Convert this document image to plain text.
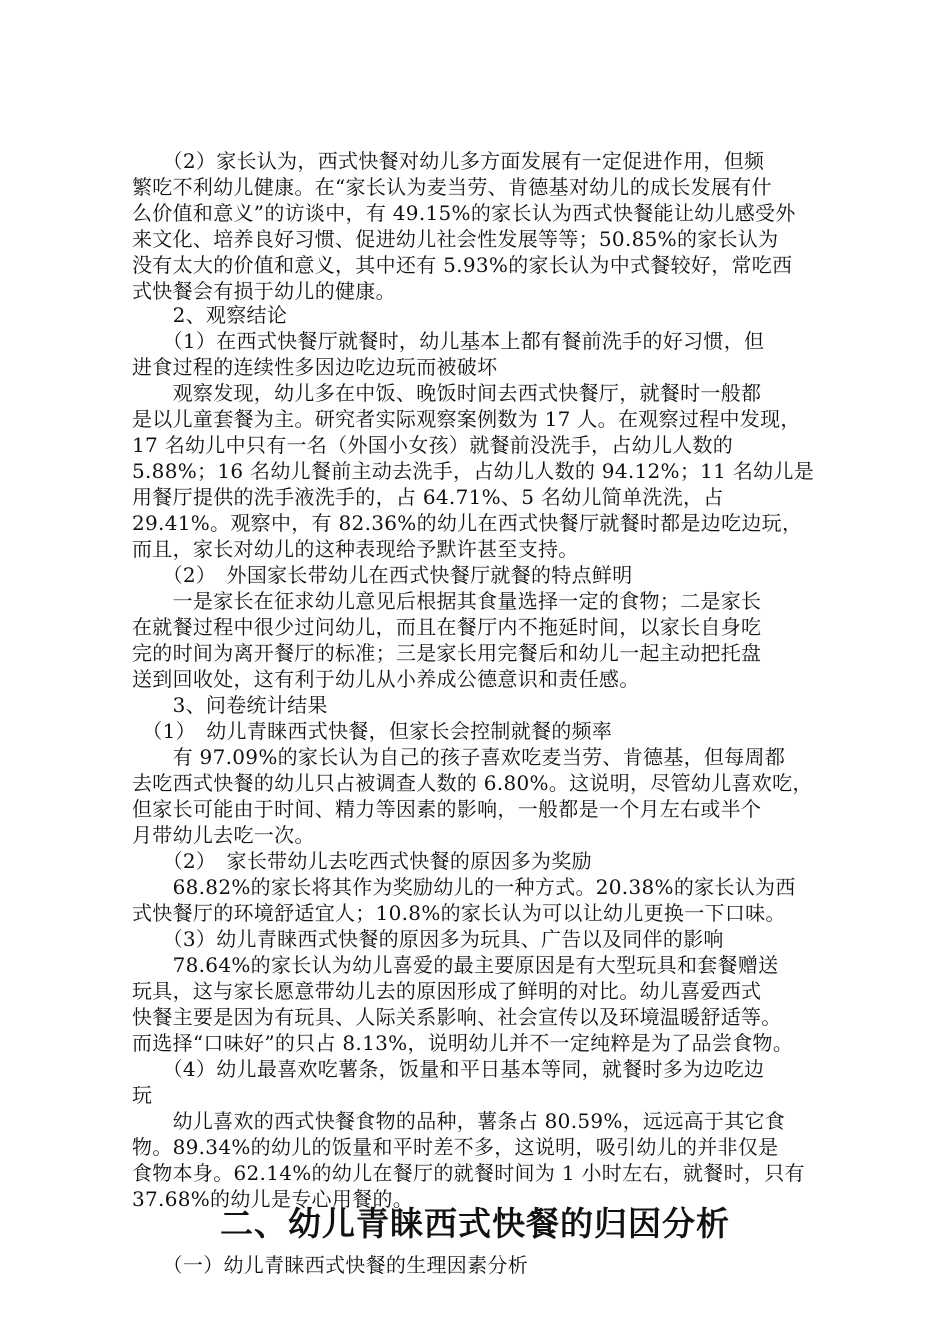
　　（2）家长认为，西式快餐对幼儿多方面发展有一定促进作用，但频

繁吃不利幼儿健康。在“家长认为麦当劳、肯德基对幼儿的成长发展有什

么价值和意义”的访谈中，有 49.15%的家长认为西式快餐能让幼儿感受外

来文化、培养良好习惯、促进幼儿社会性发展等等；50.85%的家长认为

没有太大的价值和意义，其中还有 5.93%的家长认为中式餐较好，常吃西

式快餐会有损于幼儿的健康。

　　2、观察结论

　　（1）在西式快餐厅就餐时，幼儿基本上都有餐前洗手的好习惯，但

进食过程的连续性多因边吃边玩而被破坏

　　观察发现，幼儿多在中饭、晚饭时间去西式快餐厅，就餐时一般都

是以儿童套餐为主。研究者实际观察案例数为 17 人。在观察过程中发现，

17 名幼儿中只有一名（外国小女孩）就餐前没洗手，占幼儿人数的

5.88%；16 名幼儿餐前主动去洗手，占幼儿人数的 94.12%；11 名幼儿是

用餐厅提供的洗手液洗手的，占 64.71%、5 名幼儿简单洗洗，占

29.41%。观察中，有 82.36%的幼儿在西式快餐厅就餐时都是边吃边玩，

而且，家长对幼儿的这种表现给予默许甚至支持。

　　（2）　外国家长带幼儿在西式快餐厅就餐的特点鲜明

　　一是家长在征求幼儿意见后根据其食量选择一定的食物；二是家长

在就餐过程中很少过问幼儿，而且在餐厅内不拖延时间，以家长自身吃

完的时间为离开餐厅的标准；三是家长用完餐后和幼儿一起主动把托盘

送到回收处，这有利于幼儿从小养成公德意识和责任感。

　　3、问卷统计结果

　（1）　幼儿青睐西式快餐，但家长会控制就餐的频率

　　有 97.09%的家长认为自己的孩子喜欢吃麦当劳、肯德基，但每周都

去吃西式快餐的幼儿只占被调查人数的 6.80%。这说明，尽管幼儿喜欢吃，

但家长可能由于时间、精力等因素的影响，一般都是一个月左右或半个

月带幼儿去吃一次。

　　（2）　家长带幼儿去吃西式快餐的原因多为奖励

　　68.82%的家长将其作为奖励幼儿的一种方式。20.38%的家长认为西

式快餐厅的环境舒适宜人；10.8%的家长认为可以让幼儿更换一下口味。

　　（3）幼儿青睐西式快餐的原因多为玩具、广告以及同伴的影响

　　78.64%的家长认为幼儿喜爱的最主要原因是有大型玩具和套餐赠送

玩具，这与家长愿意带幼儿去的原因形成了鲜明的对比。幼儿喜爱西式

快餐主要是因为有玩具、人际关系影响、社会宣传以及环境温暖舒适等。

而选择“口味好”的只占 8.13%，说明幼儿并不一定纯粹是为了品尝食物。

　　（4）幼儿最喜欢吃薯条，饭量和平日基本等同，就餐时多为边吃边

玩

　　幼儿喜欢的西式快餐食物的品种，薯条占 80.59%，远远高于其它食

物。89.34%的幼儿的饭量和平时差不多，这说明，吸引幼儿的并非仅是

食物本身。62.14%的幼儿在餐厅的就餐时间为 1 小时左右，就餐时，只有

37.68%的幼儿是专心用餐的。

二、幼儿青睐西式快餐的归因分析

　　（一）幼儿青睐西式快餐的生理因素分析
